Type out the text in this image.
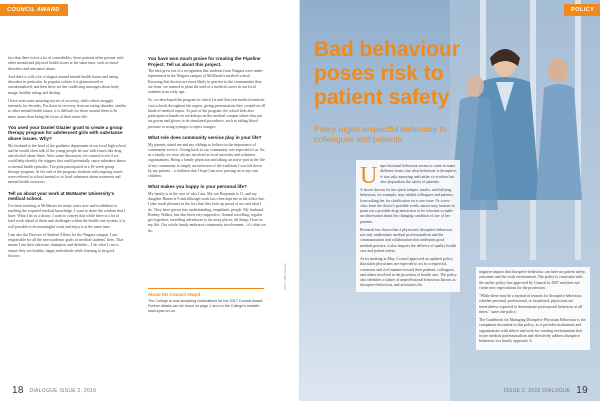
COUNCIL AWARD

fact that there exists a lot of comorbidity; these patients often present with other mental and physical health issues at the same time, such as mood disorders and substance abuse.

And there is still a lot of stigma around mental health issues and eating disorders in particular. In popular culture it is glamourized or sensationalized, and then there are the conflicting messages about body image, healthy eating and dieting.

I have seen some amazing stories of recovery, while others struggle intensely for decades. For those in recovery from an eating disorder, similar to other mental health issues, it is difficult for those around them to be more aware than being the focus of their entire life.

You used your Daniel Glazier grant to create a group therapy program for adolescent girls with substance abuse issues. Why?

My husband is the head of the guidance department at our local high school and he would often talk of the young people he saw with issues like drug and alcohol abuse there. After some discussion, we wanted to see if we could help identify the triggers that could potentially cause substance abuse or mental health episodes. The girls participated in a 10-week group therapy program. At the end of the program, students with ongoing issues were referred to school mental or to local substance abuse treatment and mental health resources.

Tell us about your work at McMaster University's medical school.

I've been teaching at McMaster for many years now and in addition to teaching the required medical knowledge, I want to share the wisdom that I have. What I do as a doctor. I want to convey that while there is a lot of hard work ahead of them and challenges within the health-care system, it is still possible to do meaningful work and enjoy it at the same time.

I am also the Director of Student Affairs for the Niagara campus. I am responsible for all the non-academic goals of medical students' lives. That means I am their advocate, champion and defender – I do what I can to ensure they are healthy, happy individuals while learning to be good doctors.

You have won much praise for creating the Pipeline Project. Tell us about this project.

The idea grew out of a recognition that students from Niagara were under-represented in the Niagara campus of McMaster's medical school. Knowing that doctors are more likely to practise in the communities they are from, we wanted to plant the seed of a medical career in our local students at an early age.

So, we developed this program in which 1st and 2nd year medical students visit schools throughout the region, giving presentations they created on all kinds of medical topics. As part of the program, the school kids also participate in hands-on workshops on the medical campus where they put on gowns and gloves to do simulated procedures, such as taking blood pressure or using syringes to inject oranges.

What role does community service play in your life?

My parents raised me and my siblings to believe in the importance of community service. Giving back to our community was expected of us. So, as a family we were always involved in local activities and volunteer organizations. Being a family physician and taking an active part in the life of my community is simply an extension of the traditions I was led down by my parents – a tradition that I hope I am now passing on to my own children.

What makes you happy in your personal life?

My family is at the core of who I am. My son Benjamin is 11, and my daughter Hanna is 9 and although work has often kept me at the office late, I take much pleasure in the fact that they look up proud of me and what I do. They have grown into understanding, empathetic people. My husband, Rodney Walker, has also been very supportive. Annual travelling, regular get-togethers, travelling adventures to far away places, all things I love in my life. Our whole family embraces community involvement – it's what we do.

About the Council Award

The College is now accepting nominations for the 2017 Council Award. Further details can be found on page 1 and on the College's website www.cpso.on.ca.

Photo: Mike Stringer
18 DIALOGUE ISSUE 2, 2016
POLICY
Bad behaviour poses risk to patient safety
Policy urges respectful behaviour to colleagues and patients

U nprofessional behaviour seems to come in many different forms, but what behaviour is disruptive, it was only annoying and rattles co-workers but also jeopardizes the safety of patients.

A doctor known for her quick temper, insults, and bullying behaviour, for example, may inhibit colleagues and patients from asking her for clarification on a care issue. Or a new class from the doctor's possible wrath, nurses may hesitate to point out a possible drug interaction or be reluctant to make an observation about the changing condition of one of her patients.

Research has shown that a physician's disruptive behaviour not only undermines medical professionalism and the communication and collaboration that underpins good medical practice, it also impacts the delivery of quality health care and patient safety.

As its meeting in May, Council approved an updated policy that states physicians are expected to act in a respectful, courteous and civil manner toward their patients, colleagues, and others involved in the provision of health care. The policy also identifies a subset of unprofessional behaviour known as disruptive behaviour, and articulates the

negative impact that disruptive behaviour can have on patient safety, outcomes and the work environment. The policy is consistent with the earlier policy first approved by Council in 2007 and does not create new expectations for the profession.

"While there may be a myriad of reasons for disruptive behaviour, whether personal, professional, or situational, physicians are nevertheless expected to demonstrate professional behaviour at all times," states the policy.

The Guidebook for Managing Disruptive Physician Behaviour is the companion document to this policy, as it provides institutions and organizations with advice and tools for creating environments that foster medical professionalism and effectively address disruptive behaviour in a timely approach. It

ISSUE 2, 2016 DIALOGUE 19
